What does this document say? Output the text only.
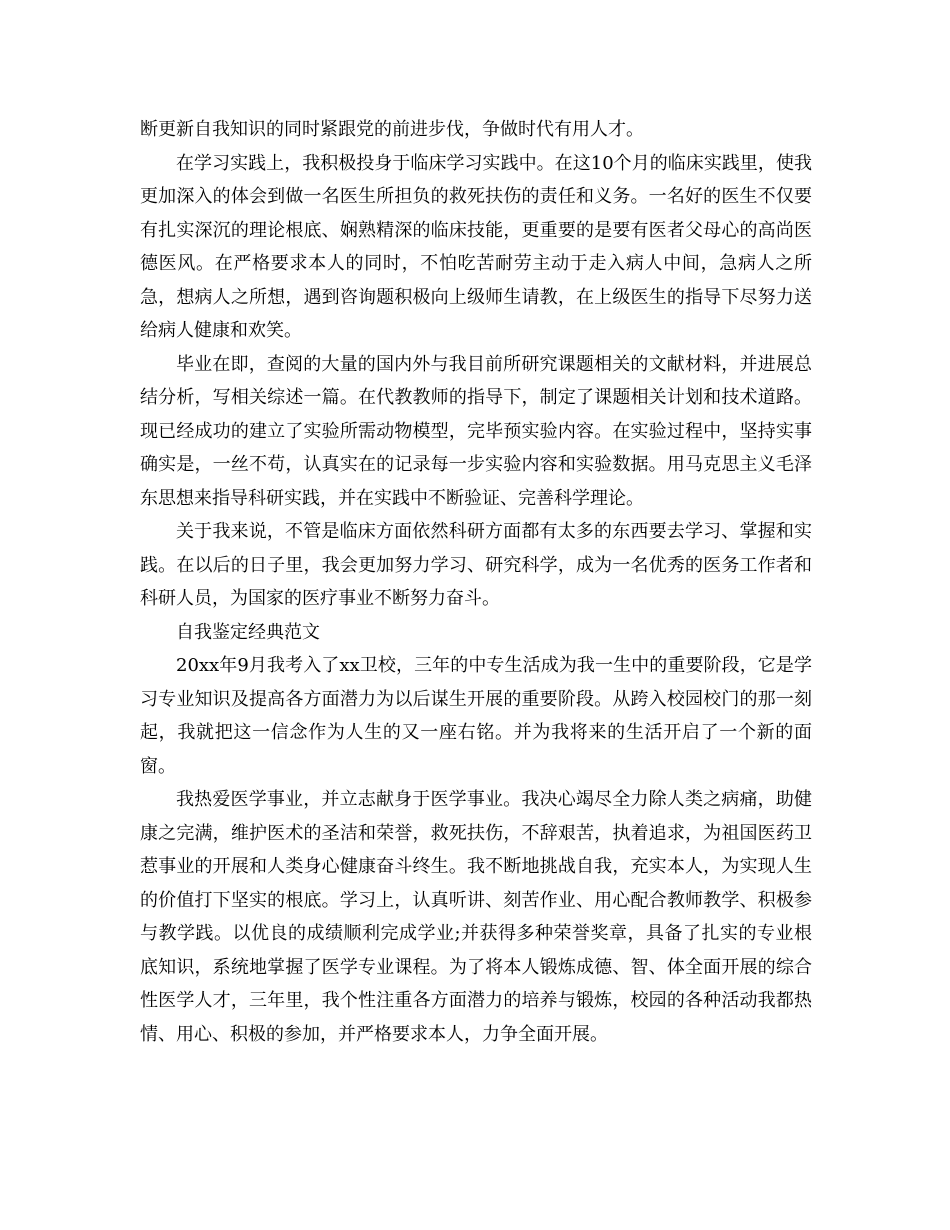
断更新自我知识的同时紧跟党的前进步伐，争做时代有用人才。

在学习实践上，我积极投身于临床学习实践中。在这10个月的临床实践里，使我更加深入的体会到做一名医生所担负的救死扶伤的责任和义务。一名好的医生不仅要有扎实深沉的理论根底、娴熟精深的临床技能，更重要的是要有医者父母心的高尚医德医风。在严格要求本人的同时，不怕吃苦耐劳主动于走入病人中间，急病人之所急，想病人之所想，遇到咨询题积极向上级师生请教，在上级医生的指导下尽努力送给病人健康和欢笑。

毕业在即，查阅的大量的国内外与我目前所研究课题相关的文献材料，并进展总结分析，写相关综述一篇。在代教教师的指导下，制定了课题相关计划和技术道路。现已经成功的建立了实验所需动物模型，完毕预实验内容。在实验过程中，坚持实事确实是，一丝不苟，认真实在的记录每一步实验内容和实验数据。用马克思主义毛泽东思想来指导科研实践，并在实践中不断验证、完善科学理论。

关于我来说，不管是临床方面依然科研方面都有太多的东西要去学习、掌握和实践。在以后的日子里，我会更加努力学习、研究科学，成为一名优秀的医务工作者和科研人员，为国家的医疗事业不断努力奋斗。

自我鉴定经典范文

20xx年9月我考入了xx卫校，三年的中专生活成为我一生中的重要阶段，它是学习专业知识及提高各方面潜力为以后谋生开展的重要阶段。从跨入校园校门的那一刻起，我就把这一信念作为人生的又一座右铭。并为我将来的生活开启了一个新的面窗。

我热爱医学事业，并立志献身于医学事业。我决心竭尽全力除人类之病痛，助健康之完满，维护医术的圣洁和荣誉，救死扶伤，不辞艰苦，执着追求，为祖国医药卫惹事业的开展和人类身心健康奋斗终生。我不断地挑战自我，充实本人，为实现人生的价值打下坚实的根底。学习上，认真听讲、刻苦作业、用心配合教师教学、积极参与教学践。以优良的成绩顺利完成学业;并获得多种荣誉奖章，具备了扎实的专业根底知识，系统地掌握了医学专业课程。为了将本人锻炼成德、智、体全面开展的综合性医学人才，三年里，我个性注重各方面潜力的培养与锻炼，校园的各种活动我都热情、用心、积极的参加，并严格要求本人，力争全面开展。
